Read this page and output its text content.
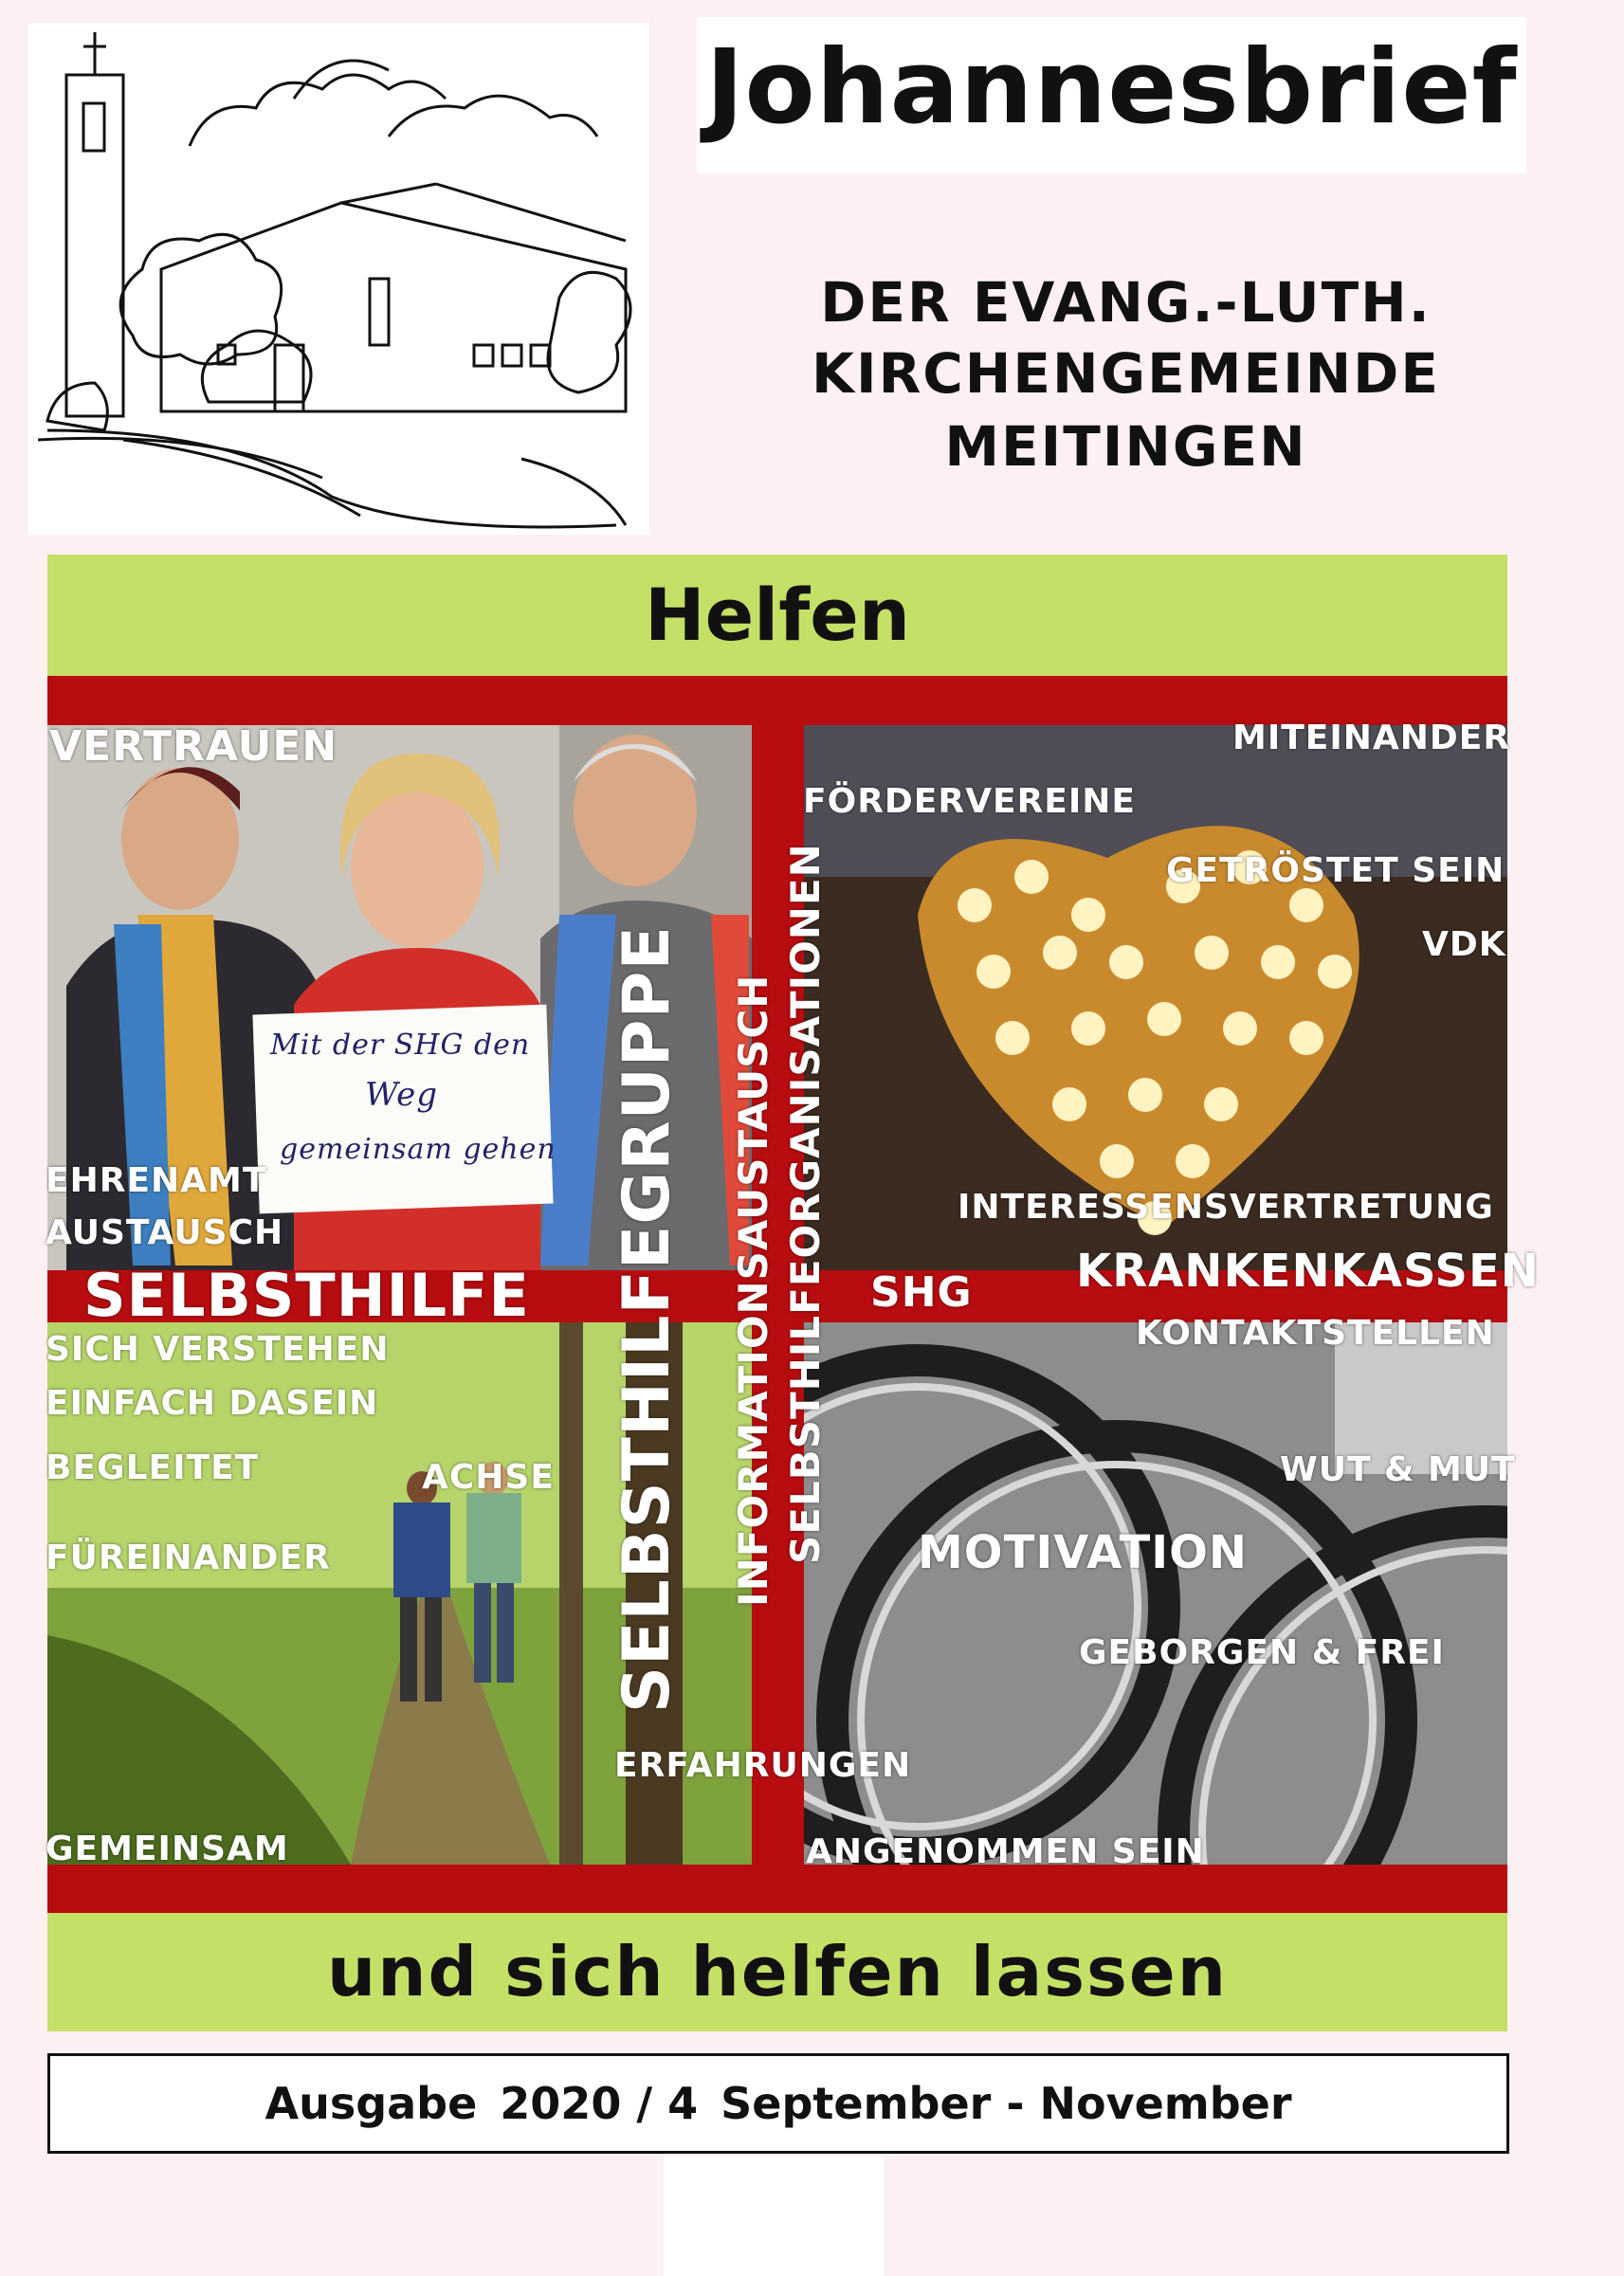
Johannesbrief
DER EVANG.-LUTH.
KIRCHENGEMEINDE
MEITINGEN
Helfen
Mit der SHG den
Weg
gemeinsam gehen
VERTRAUEN
EHRENAMT
AUSTAUSCH
SELBSTHILFE
MITEINANDER
FÖRDERVEREINE
GETRÖSTET SEIN
VDK
INTERESSENSVERTRETUNG
KRANKENKASSEN
SHG
KONTAKTSTELLEN
SICH VERSTEHEN
EINFACH DASEIN
BEGLEITET	ACHSE
FÜREINANDER
GEMEINSAM
ERFAHRUNGEN
WUT & MUT
MOTIVATION
GEBORGEN & FREI
ANGENOMMEN SEIN
SELBSTHILFEGRUPPE INFORMATIONSAUSTAUSCH SELBSTHILFEORGANISATIONEN
und sich helfen lassen
Ausgabe 2020 / 4 September - November
